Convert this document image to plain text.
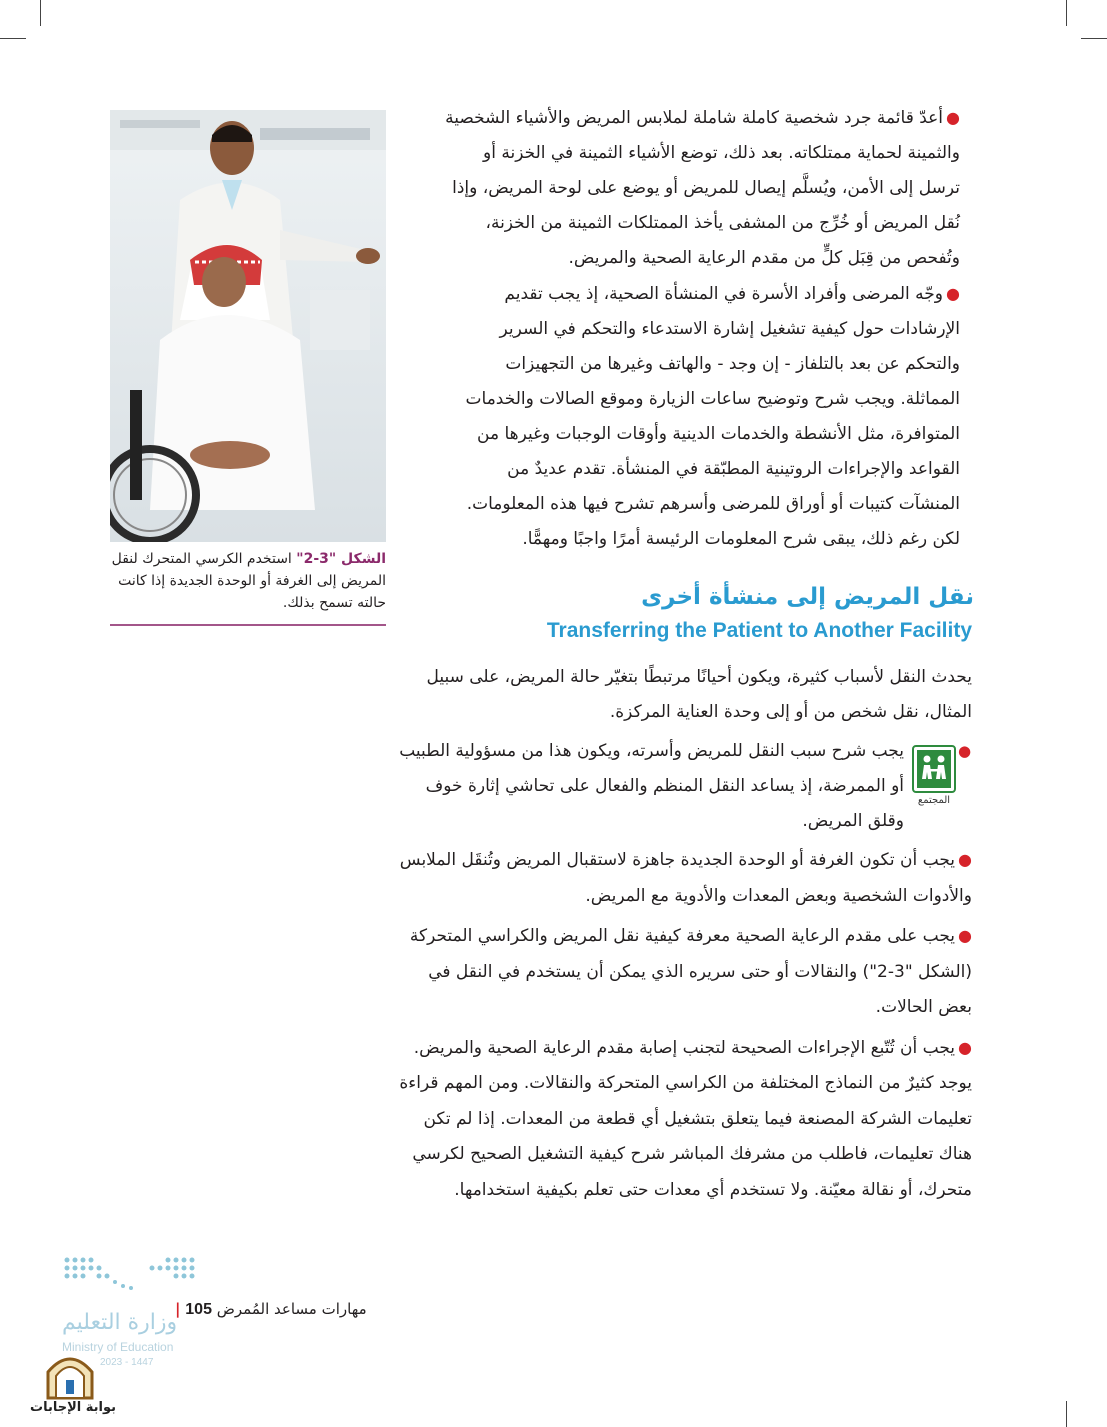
الشكل "3-2" استخدم الكرسي المتحرك لنقل المريض إلى الغرفة أو الوحدة الجديدة إذا كانت حالته تسمح بذلك.

●أعدّ قائمة جرد شخصية كاملة شاملة لملابس المريض والأشياء الشخصية
والثمينة لحماية ممتلكاته. بعد ذلك، توضع الأشياء الثمينة في الخزنة أو
ترسل إلى الأمن، ويُسلَّم إيصال للمريض أو يوضع على لوحة المريض، وإذا
نُقل المريض أو خُرِّج من المشفى يأخذ الممتلكات الثمينة من الخزنة،
وتُفحص من قِبَل كلٍّ من مقدم الرعاية الصحية والمريض.

●وجّه المرضى وأفراد الأسرة في المنشأة الصحية، إذ يجب تقديم
الإرشادات حول كيفية تشغيل إشارة الاستدعاء والتحكم في السرير
والتحكم عن بعد بالتلفاز - إن وجد - والهاتف وغيرها من التجهيزات
المماثلة. ويجب شرح وتوضيح ساعات الزيارة وموقع الصالات والخدمات
المتوافرة، مثل الأنشطة والخدمات الدينية وأوقات الوجبات وغيرها من
القواعد والإجراءات الروتينية المطبّقة في المنشأة. تقدم عديدٌ من
المنشآت كتيبات أو أوراق للمرضى وأسرهم تشرح فيها هذه المعلومات.
لكن رغم ذلك، يبقى شرح المعلومات الرئيسة أمرًا واجبًا ومهمًّا.

نقل المريض إلى منشأة أخرى
Transferring the Patient to Another Facility

يحدث النقل لأسباب كثيرة، ويكون أحيانًا مرتبطًا بتغيّر حالة المريض، على سبيل
المثال، نقل شخص من أو إلى وحدة العناية المركزة.

المجتمع

يجب شرح سبب النقل للمريض وأسرته، ويكون هذا من مسؤولية الطبيب
أو الممرضة، إذ يساعد النقل المنظم والفعال على تحاشي إثارة خوف
وقلق المريض.

●

●يجب أن تكون الغرفة أو الوحدة الجديدة جاهزة لاستقبال المريض وتُنقَل الملابس
والأدوات الشخصية وبعض المعدات والأدوية مع المريض.

●يجب على مقدم الرعاية الصحية معرفة كيفية نقل المريض والكراسي المتحركة
(الشكل "3-2") والنقالات أو حتى سريره الذي يمكن أن يستخدم في النقل في
بعض الحالات.

●يجب أن تُتّبع الإجراءات الصحيحة لتجنب إصابة مقدم الرعاية الصحية والمريض.
يوجد كثيرٌ من النماذج المختلفة من الكراسي المتحركة والنقالات. ومن المهم قراءة
تعليمات الشركة المصنعة فيما يتعلق بتشغيل أي قطعة من المعدات. إذا لم تكن
هناك تعليمات، فاطلب من مشرفك المباشر شرح كيفية التشغيل الصحيح لكرسي
متحرك، أو نقالة معيّنة. ولا تستخدم أي معدات حتى تعلم بكيفية استخدامها.

مهارات مساعد المُمرض 105 |
وزارة التعليم
Ministry of Education
2023 - 1447
بوابة الإجابات
